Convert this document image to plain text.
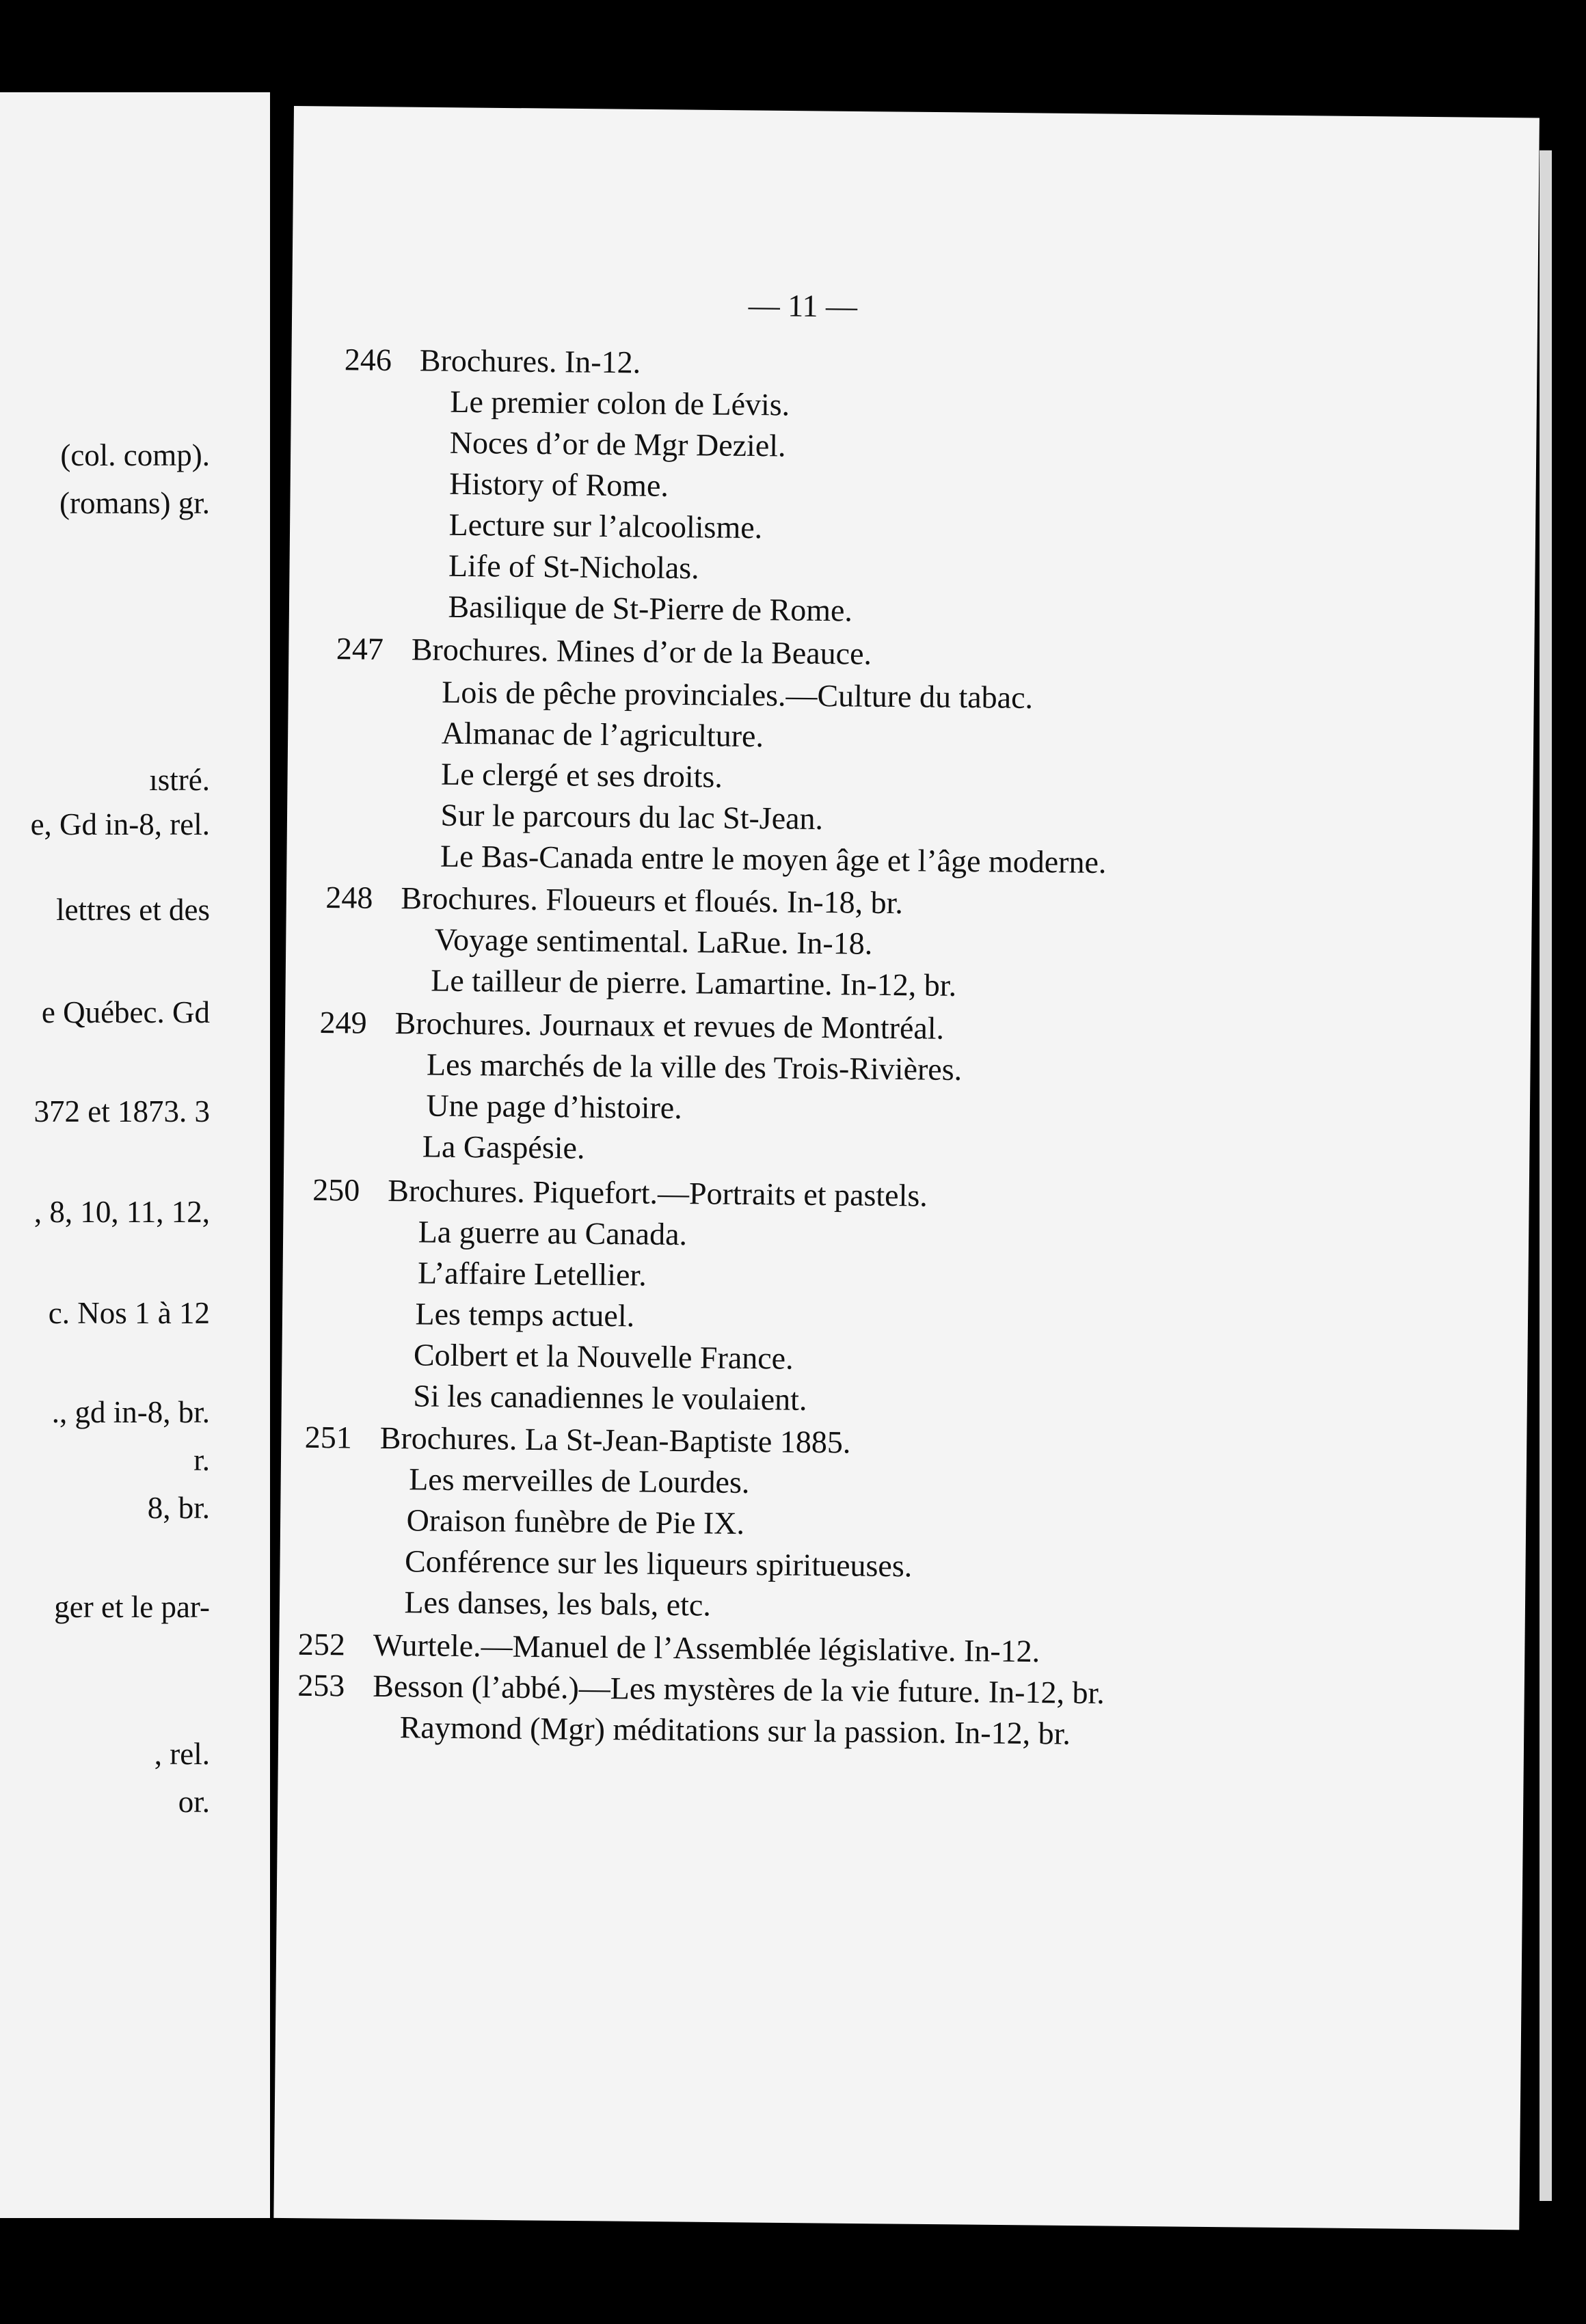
(col. comp).
(romans) gr.
ıstré.
e, Gd in-8, rel.
lettres et des
e Québec. Gd
372 et 1873. 3
, 8, 10, 11, 12,
c. Nos 1 à 12
., gd in-8, br.
r.
8, br.
ger et le par-
, rel.
or.
— 11 —
246 Brochures. In-12.
Le premier colon de Lévis.
Noces d’or de Mgr Deziel.
History of Rome.
Lecture sur l’alcoolisme.
Life of St-Nicholas.
Basilique de St-Pierre de Rome.
247 Brochures. Mines d’or de la Beauce.
Lois de pêche provinciales.—Culture du tabac.
Almanac de l’agriculture.
Le clergé et ses droits.
Sur le parcours du lac St-Jean.
Le Bas-Canada entre le moyen âge et l’âge moderne.
248 Brochures. Floueurs et floués. In-18, br.
Voyage sentimental. LaRue. In-18.
Le tailleur de pierre. Lamartine. In-12, br.
249 Brochures. Journaux et revues de Montréal.
Les marchés de la ville des Trois-Rivières.
Une page d’histoire.
La Gaspésie.
250 Brochures. Piquefort.—Portraits et pastels.
La guerre au Canada.
L’affaire Letellier.
Les temps actuel.
Colbert et la Nouvelle France.
Si les canadiennes le voulaient.
251 Brochures. La St-Jean-Baptiste 1885.
Les merveilles de Lourdes.
Oraison funèbre de Pie IX.
Conférence sur les liqueurs spiritueuses.
Les danses, les bals, etc.
252 Wurtele.—Manuel de l’Assemblée législative. In-12.
253 Besson (l’abbé.)—Les mystères de la vie future. In-12, br.
Raymond (Mgr) méditations sur la passion. In-12, br.
